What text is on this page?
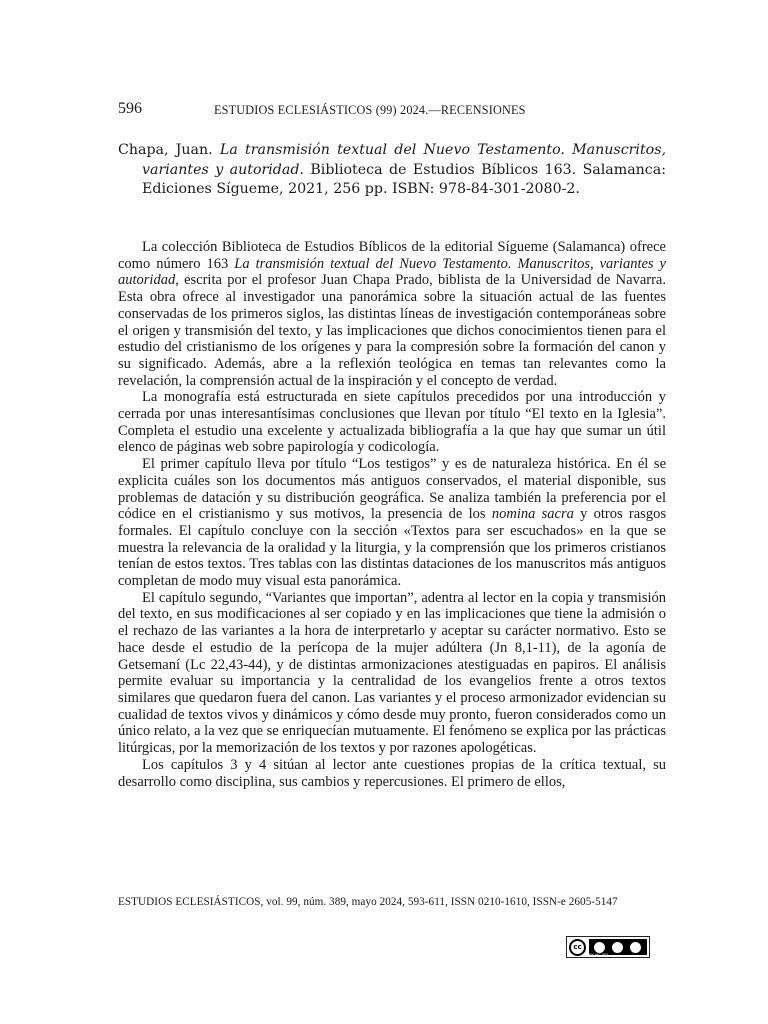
596	ESTUDIOS ECLESIÁSTICOS (99) 2024.—RECENSIONES
Chapa, Juan. La transmisión textual del Nuevo Testamento. Manuscritos, variantes y autoridad. Biblioteca de Estudios Bíblicos 163. Salamanca: Ediciones Sígueme, 2021, 256 pp. ISBN: 978-84-301-2080-2.

La colección Biblioteca de Estudios Bíblicos de la editorial Sígueme (Salamanca) ofrece como número 163 La transmisión textual del Nuevo Testamento. Manuscritos, variantes y autoridad, escrita por el profesor Juan Chapa Prado, biblista de la Universidad de Navarra. Esta obra ofrece al investigador una panorámica sobre la situación actual de las fuentes conservadas de los primeros siglos, las distintas líneas de investigación contemporáneas sobre el origen y transmisión del texto, y las implicaciones que dichos conocimientos tienen para el estudio del cristianismo de los orígenes y para la compresión sobre la formación del canon y su significado. Además, abre a la reflexión teológica en temas tan relevantes como la revelación, la comprensión actual de la inspiración y el concepto de verdad.

La monografía está estructurada en siete capítulos precedidos por una introducción y cerrada por unas interesantísimas conclusiones que llevan por título “El texto en la Iglesia”. Completa el estudio una excelente y actualizada bibliografía a la que hay que sumar un útil elenco de páginas web sobre papirología y codicología.

El primer capítulo lleva por título “Los testigos” y es de naturaleza histórica. En él se explicita cuáles son los documentos más antiguos conservados, el material disponible, sus problemas de datación y su distribución geográfica. Se analiza también la preferencia por el códice en el cristianismo y sus motivos, la presencia de los nomina sacra y otros rasgos formales. El capítulo concluye con la sección «Textos para ser escuchados» en la que se muestra la relevancia de la oralidad y la liturgia, y la comprensión que los primeros cristianos tenían de estos textos. Tres tablas con las distintas dataciones de los manuscritos más antiguos completan de modo muy visual esta panorámica.

El capítulo segundo, “Variantes que importan”, adentra al lector en la copia y transmisión del texto, en sus modificaciones al ser copiado y en las implicaciones que tiene la admisión o el rechazo de las variantes a la hora de interpretarlo y aceptar su carácter normativo. Esto se hace desde el estudio de la perícopa de la mujer adúltera (Jn 8,1-11), de la agonía de Getsemaní (Lc 22,43-44), y de distintas armonizaciones atestiguadas en papiros. El análisis permite evaluar su importancia y la centralidad de los evangelios frente a otros textos similares que quedaron fuera del canon. Las variantes y el proceso armonizador evidencian su cualidad de textos vivos y dinámicos y cómo desde muy pronto, fueron considerados como un único relato, a la vez que se enriquecían mutuamente. El fenómeno se explica por las prácticas litúrgicas, por la memorización de los textos y por razones apologéticas.

Los capítulos 3 y 4 sitúan al lector ante cuestiones propias de la crítica textual, su desarrollo como disciplina, sus cambios y repercusiones. El primero de ellos,

ESTUDIOS ECLESIÁSTICOS, vol. 99, núm. 389, mayo 2024, 593-611, ISSN 0210-1610, ISSN-e 2605-5147
cc
BY NC ND
